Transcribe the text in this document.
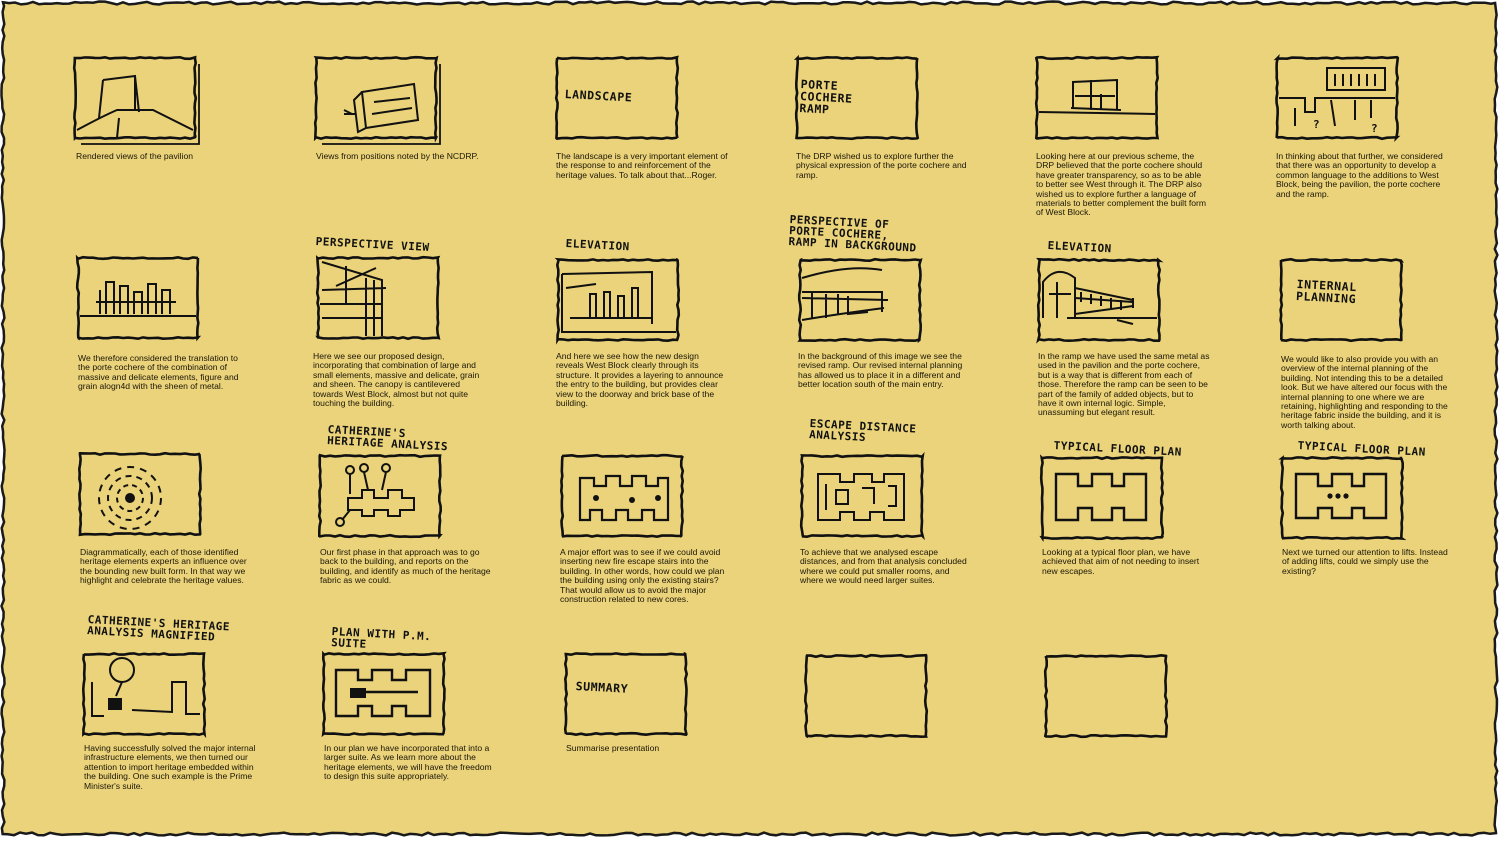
Rendered views of the pavilion	Views from positions noted by the NCDRP.
LANDSCAPE
The landscape is a very important element of the response to and reinforcement of the heritage values. To talk about that...Roger.
PORTE
COCHERE
RAMP
The DRP wished us to explore further the physical expression of the porte cochere and ramp.
Looking here at our previous scheme, the DRP believed that the porte cochere should have greater transparency, so as to be able to better see West through it. The DRP also wished us to explore further a language of materials to better complement the built form of West Block.
?	?
In thinking about that further, we considered that there was an opportunity to develop a common language to the additions to West Block, being the pavilion, the porte cochere and the ramp.
We therefore considered the translation to the porte cochere of the combination of massive and delicate elements, figure and grain alogn4d with the sheen of metal.
PERSPECTIVE VIEW
Here we see our proposed design, incorporating that combination of large and small elements, massive and delicate, grain and sheen. The canopy is cantilevered towards West Block, almost but not quite touching the building.
ELEVATION
And here we see how the new design reveals West Block clearly through its structure. It provides a layering to announce the entry to the building, but provides clear view to the doorway and brick base of the building.
PERSPECTIVE OF
PORTE COCHERE,
RAMP IN BACKGROUND
In the background of this image we see the revised ramp. Our revised internal planning has allowed us to place it in a different and better location south of the main entry.
ELEVATION
In the ramp we have used the same metal as used in the pavilion and the porte cochere, but is a way that is different from each of those. Therefore the ramp can be seen to be part of the family of added objects, but to have it own internal logic. Simple, unassuming but elegant result.
INTERNAL
PLANNING
We would like to also provide you with an overview of the internal planning of the building. Not intending this to be a detailed look. But we have altered our focus with the internal planning to one where we are retaining, highlighting and responding to the heritage fabric inside the building, and it is worth talking about.
Diagrammatically, each of those identified heritage elements experts an influence over the bounding new built form. In that way we highlight and celebrate the heritage values.
CATHERINE'S
HERITAGE ANALYSIS
Our first phase in that approach was to go back to the building, and reports on the building, and identify as much of the heritage fabric as we could.
A major effort was to see if we could avoid inserting new fire escape stairs into the building. In other words, how could we plan the building using only the existing stairs? That would allow us to avoid the major construction related to new cores.
ESCAPE DISTANCE
ANALYSIS
To achieve that we analysed escape distances, and from that analysis concluded where we could put smaller rooms, and where we would need larger suites.
TYPICAL FLOOR PLAN
Looking at a typical floor plan, we have achieved that aim of not needing to insert new escapes.
TYPICAL FLOOR PLAN
Next we turned our attention to lifts. Instead of adding lifts, could we simply use the existing?
CATHERINE'S HERITAGE
ANALYSIS MAGNIFIED
Having successfully solved the major internal infrastructure elements, we then turned our attention to import heritage embedded within the building. One such example is the Prime Minister's suite.
PLAN WITH P.M.
SUITE
In our plan we have incorporated that into a larger suite. As we learn more about the heritage elements, we will have the freedom to design this suite appropriately.
SUMMARY
Summarise presentation
